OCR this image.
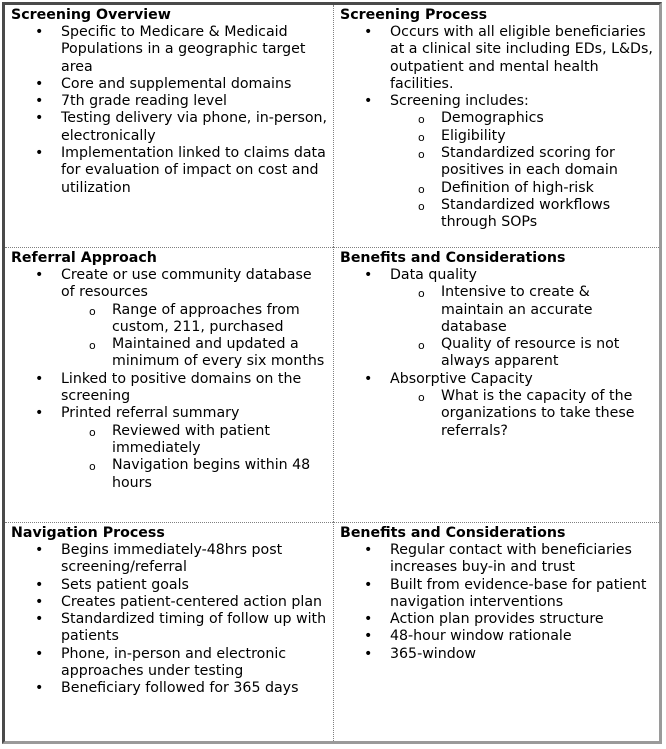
Screening Overview
• Specific to Medicare & Medicaid Populations in a geographic target area
• Core and supplemental domains
• 7th grade reading level
• Testing delivery via phone, in-person, electronically
• Implementation linked to claims data for evaluation of impact on cost and utilization
Screening Process
• Occurs with all eligible beneficiaries at a clinical site including EDs, L&Ds, outpatient and mental health facilities.
• Screening includes:
o Demographics
o Eligibility
o Standardized scoring for positives in each domain
o Definition of high-risk
o Standardized workflows through SOPs
Referral Approach
• Create or use community database of resources
o Range of approaches from custom, 211, purchased
o Maintained and updated a minimum of every six months
• Linked to positive domains on the screening
• Printed referral summary
o Reviewed with patient immediately
o Navigation begins within 48 hours
Benefits and Considerations
• Data quality
o Intensive to create & maintain an accurate database
o Quality of resource is not always apparent
• Absorptive Capacity
o What is the capacity of the organizations to take these referrals?
Navigation Process
• Begins immediately-48hrs post screening/referral
• Sets patient goals
• Creates patient-centered action plan
• Standardized timing of follow up with patients
• Phone, in-person and electronic approaches under testing
• Beneficiary followed for 365 days
Benefits and Considerations
• Regular contact with beneficiaries increases buy-in and trust
• Built from evidence-base for patient navigation interventions
• Action plan provides structure
• 48-hour window rationale
• 365-window
